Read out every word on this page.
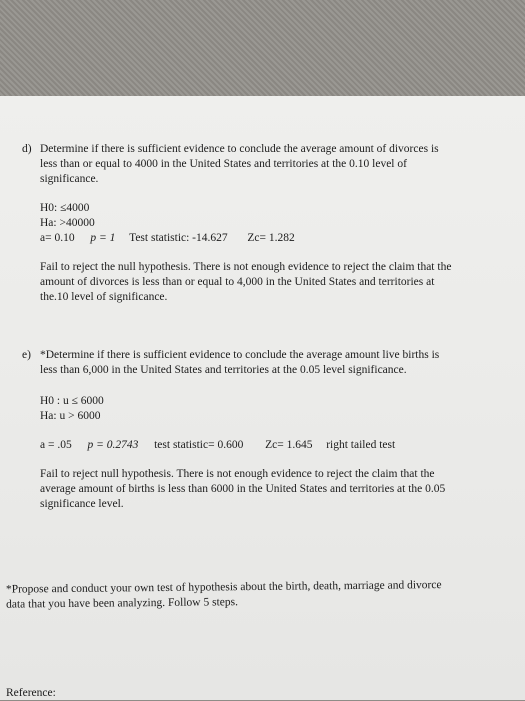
d) Determine if there is sufficient evidence to conclude the average amount of divorces is
less than or equal to 4000 in the United States and territories at the 0.10 level of
significance.
H0: ≤4000
Ha: >40000
a= 0.10 p = 1 Test statistic: -14.627 Zc= 1.282
Fail to reject the null hypothesis. There is not enough evidence to reject the claim that the
amount of divorces is less than or equal to 4,000 in the United States and territories at
the.10 level of significance.
e) *Determine if there is sufficient evidence to conclude the average amount live births is
less than 6,000 in the United States and territories at the 0.05 level significance.
H0 : u ≤ 6000
Ha: u > 6000
a = .05 p = 0.2743 test statistic= 0.600 Zc= 1.645 right tailed test
Fail to reject null hypothesis. There is not enough evidence to reject the claim that the
average amount of births is less than 6000 in the United States and territories at the 0.05
significance level.
*Propose and conduct your own test of hypothesis about the birth, death, marriage and divorce
data that you have been analyzing. Follow 5 steps.
Reference:
